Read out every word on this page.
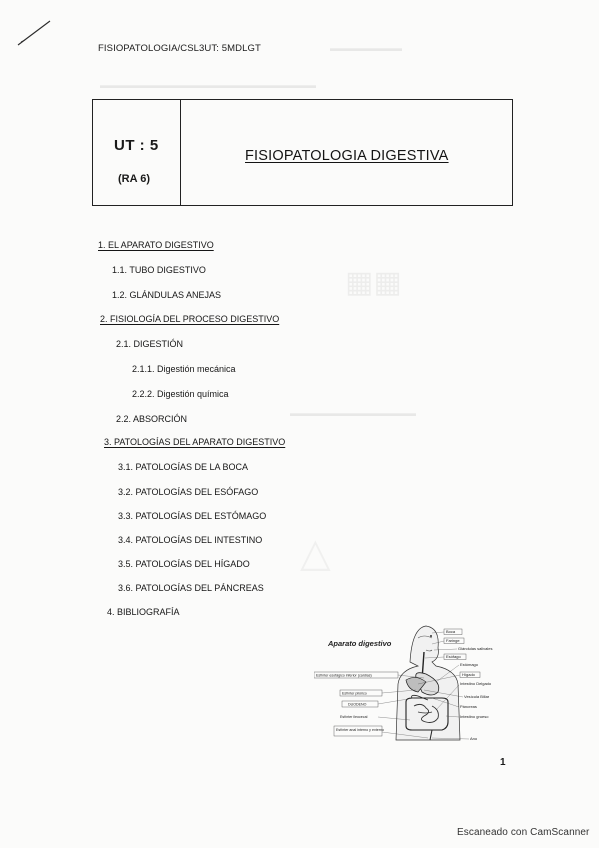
FISIOPATOLOGIA/CSL3UT: 5MDLGT	▬▬▬▬▬▬▬▬
▬▬▬▬▬▬▬▬▬▬▬▬▬▬▬▬▬▬▬▬▬▬▬▬
▦▦
▬▬▬▬▬▬▬▬▬▬▬▬▬▬
UT : 5
(RA 6)
FISIOPATOLOGIA DIGESTIVA
1. EL APARATO DIGESTIVO
1.1. TUBO DIGESTIVO
1.2. GLÁNDULAS ANEJAS
2. FISIOLOGÍA DEL PROCESO DIGESTIVO
2.1. DIGESTIÓN
2.1.1. Digestión mecánica
2.2.2. Digestión química
2.2. ABSORCIÓN
3. PATOLOGÍAS DEL APARATO DIGESTIVO
3.1. PATOLOGÍAS DE LA BOCA
3.2. PATOLOGÍAS DEL ESÓFAGO
3.3. PATOLOGÍAS DEL ESTÓMAGO
3.4. PATOLOGÍAS DEL INTESTINO
3.5. PATOLOGÍAS DEL HÍGADO
3.6. PATOLOGÍAS DEL PÁNCREAS
4. BIBLIOGRAFÍA
Aparato digestivo
Boca
Faringe
Glándulas salivales
Esófago
Estómago
Hígado
Intestino Delgado
Vesícula Biliar
Páncreas
Intestino grueso
Ano
Esfínter esofágico inferior (cardias)
Esfínter pilórico
DUODENO
Esfínter ileocecal
Esfínter anal interno y externo
1
Escaneado con CamScanner
